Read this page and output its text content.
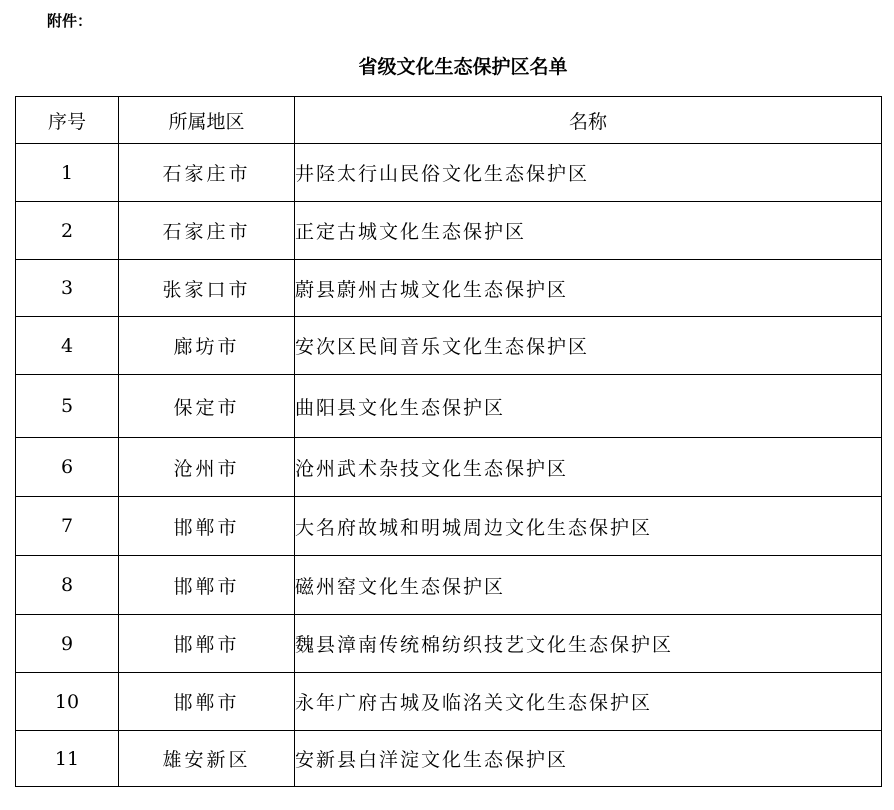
附件：
省级文化生态保护区名单
序号	所属地区	名称
1	石家庄市	井陉太行山民俗文化生态保护区
2	石家庄市	正定古城文化生态保护区
3	张家口市	蔚县蔚州古城文化生态保护区
4	廊坊市	安次区民间音乐文化生态保护区
5	保定市	曲阳县文化生态保护区
6	沧州市	沧州武术杂技文化生态保护区
7	邯郸市	大名府故城和明城周边文化生态保护区
8	邯郸市	磁州窑文化生态保护区
9	邯郸市	魏县漳南传统棉纺织技艺文化生态保护区
10	邯郸市	永年广府古城及临洺关文化生态保护区
11	雄安新区	安新县白洋淀文化生态保护区
